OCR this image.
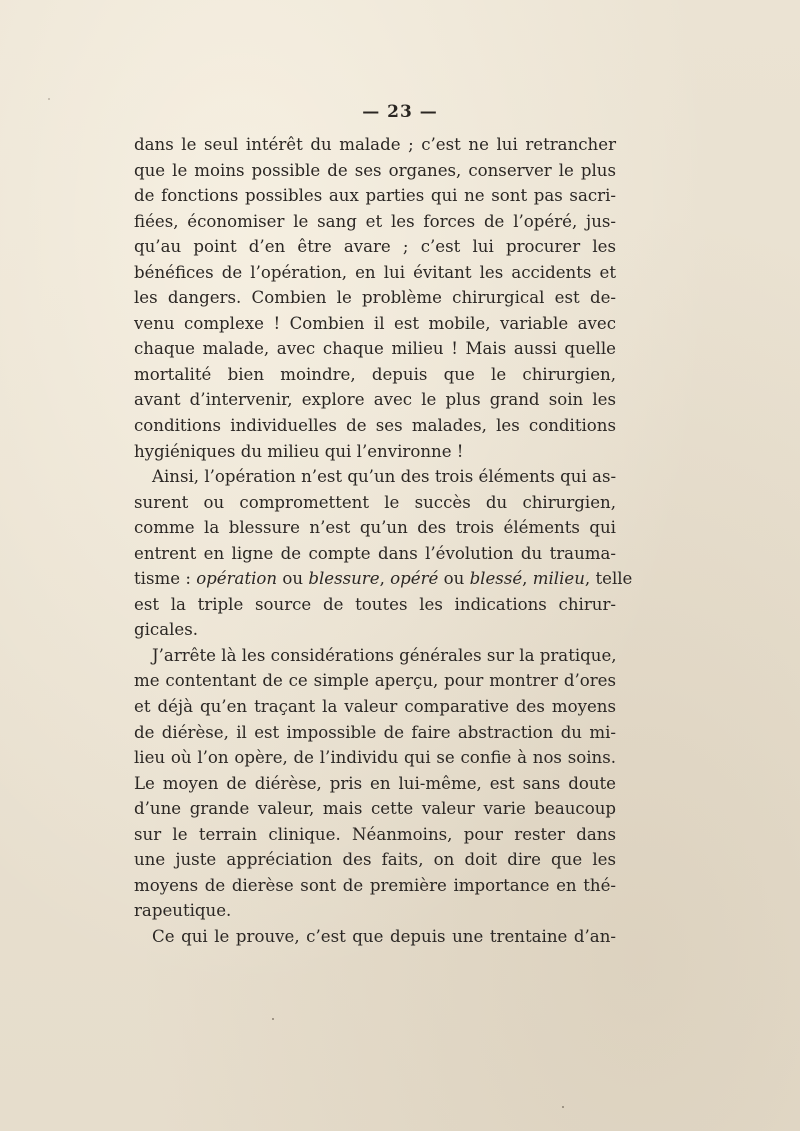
— 23 —
dans le seul intérêt du malade ; c’est ne lui retrancher
que le moins possible de ses organes, conserver le plus
de fonctions possibles aux parties qui ne sont pas sacri-
fiées, économiser le sang et les forces de l’opéré, jus-
qu’au point d’en être avare ; c’est lui procurer les
bénéfices de l’opération, en lui évitant les accidents et
les dangers. Combien le problème chirurgical est de-
venu complexe ! Combien il est mobile, variable avec
chaque malade, avec chaque milieu ! Mais aussi quelle
mortalité bien moindre, depuis que le chirurgien,
avant d’intervenir, explore avec le plus grand soin les
conditions individuelles de ses malades, les conditions
hygiéniques du milieu qui l’environne !
Ainsi, l’opération n’est qu’un des trois éléments qui as-
surent ou compromettent le succès du chirurgien,
comme la blessure n’est qu’un des trois éléments qui
entrent en ligne de compte dans l’évolution du trauma-
tisme : opération ou blessure, opéré ou blessé, milieu, telle
est la triple source de toutes les indications chirur-
gicales.
J’arrête là les considérations générales sur la pratique,
me contentant de ce simple aperçu, pour montrer d’ores
et déjà qu’en traçant la valeur comparative des moyens
de diérèse, il est impossible de faire abstraction du mi-
lieu où l’on opère, de l’individu qui se confie à nos soins.
Le moyen de diérèse, pris en lui-même, est sans doute
d’une grande valeur, mais cette valeur varie beaucoup
sur le terrain clinique. Néanmoins, pour rester dans
une juste appréciation des faits, on doit dire que les
moyens de dierèse sont de première importance en thé-
rapeutique.
Ce qui le prouve, c’est que depuis une trentaine d’an-
